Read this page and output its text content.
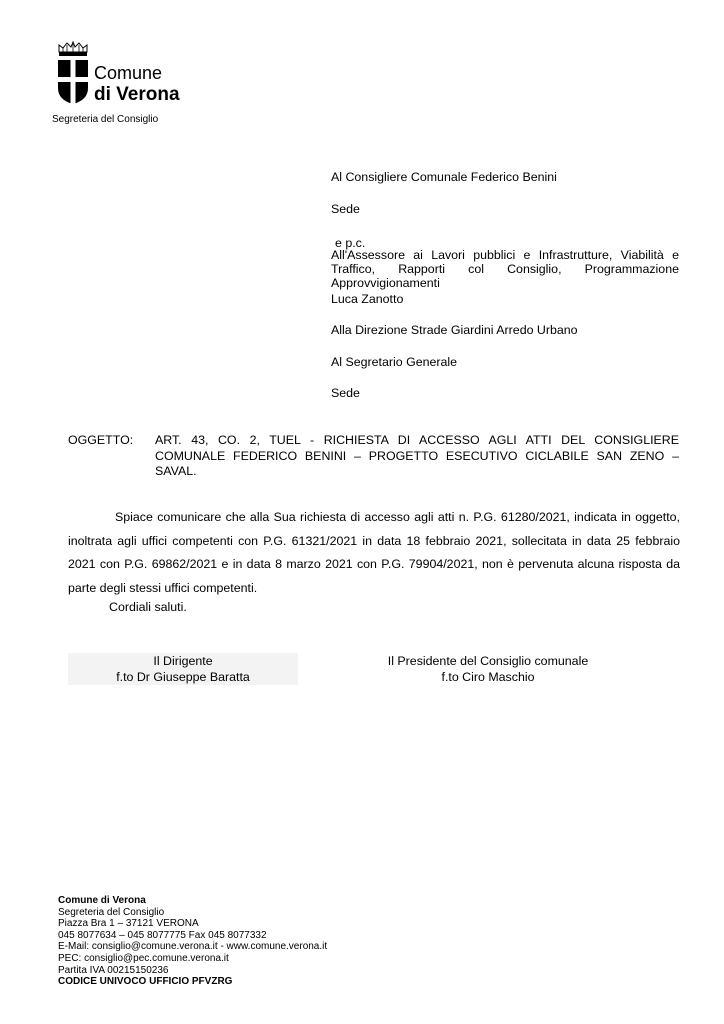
Comune
di Verona
Segreteria del Consiglio
Al Consigliere Comunale Federico Benini
Sede
e p.c.
All'Assessore ai Lavori pubblici e Infrastrutture, Viabilità e Traffico, Rapporti col Consiglio, Programmazione Approvvigionamenti
Luca Zanotto
Alla Direzione Strade Giardini Arredo Urbano
Al Segretario Generale
Sede
OGGETTO: ART. 43, CO. 2, TUEL - RICHIESTA DI ACCESSO AGLI ATTI DEL CONSIGLIERE COMUNALE FEDERICO BENINI – PROGETTO ESECUTIVO CICLABILE SAN ZENO – SAVAL.

Spiace comunicare che alla Sua richiesta di accesso agli atti n. P.G. 61280/2021, indicata in oggetto, inoltrata agli uffici competenti con P.G. 61321/2021 in data 18 febbraio 2021, sollecitata in data 25 febbraio 2021 con P.G. 69862/2021 e in data 8 marzo 2021 con P.G. 79904/2021, non è pervenuta alcuna risposta da parte degli stessi uffici competenti.

Cordiali saluti.
Il Dirigente
f.to Dr Giuseppe Baratta
Il Presidente del Consiglio comunale
f.to Ciro Maschio
Comune di Verona
Segreteria del Consiglio
Piazza Bra 1 – 37121 VERONA
045 8077634 – 045 8077775 Fax 045 8077332
E-Mail: consiglio@comune.verona.it - www.comune.verona.it
PEC: consiglio@pec.comune.verona.it
Partita IVA 00215150236
CODICE UNIVOCO UFFICIO PFVZRG
